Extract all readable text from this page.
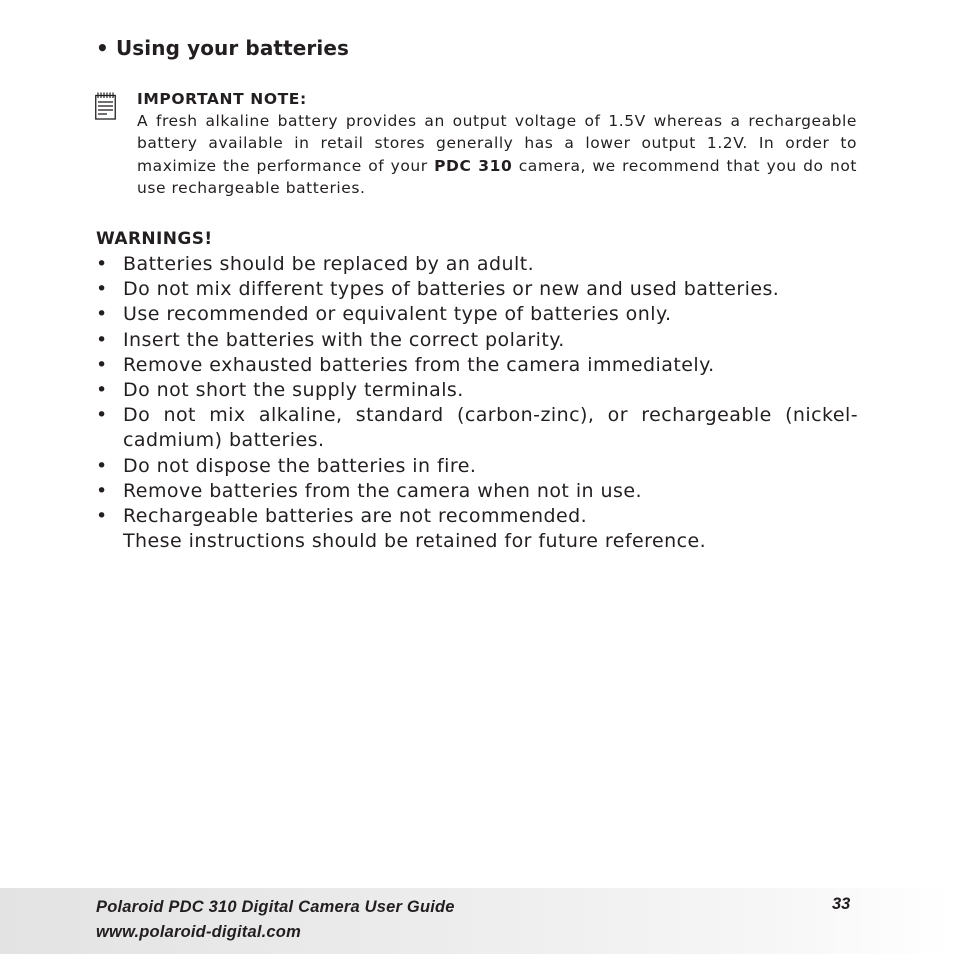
• Using your batteries
IMPORTANT NOTE:
A fresh alkaline battery provides an output voltage of 1.5V whereas a rechargeable battery available in retail stores generally has a lower output 1.2V. In order to maximize the performance of your PDC 310 camera, we recommend that you do not use rechargeable batteries.
WARNINGS!
• Batteries should be replaced by an adult.
• Do not mix different types of batteries or new and used batteries.
• Use recommended or equivalent type of batteries only.
• Insert the batteries with the correct polarity.
• Remove exhausted batteries from the camera immediately.
• Do not short the supply terminals.
• Do not mix alkaline, standard (carbon-zinc), or rechargeable (nickel-cadmium) batteries.
• Do not dispose the batteries in fire.
• Remove batteries from the camera when not in use.
• Rechargeable batteries are not recommended.
These instructions should be retained for future reference.
Polaroid PDC 310 Digital Camera User Guide
www.polaroid-digital.com
33
